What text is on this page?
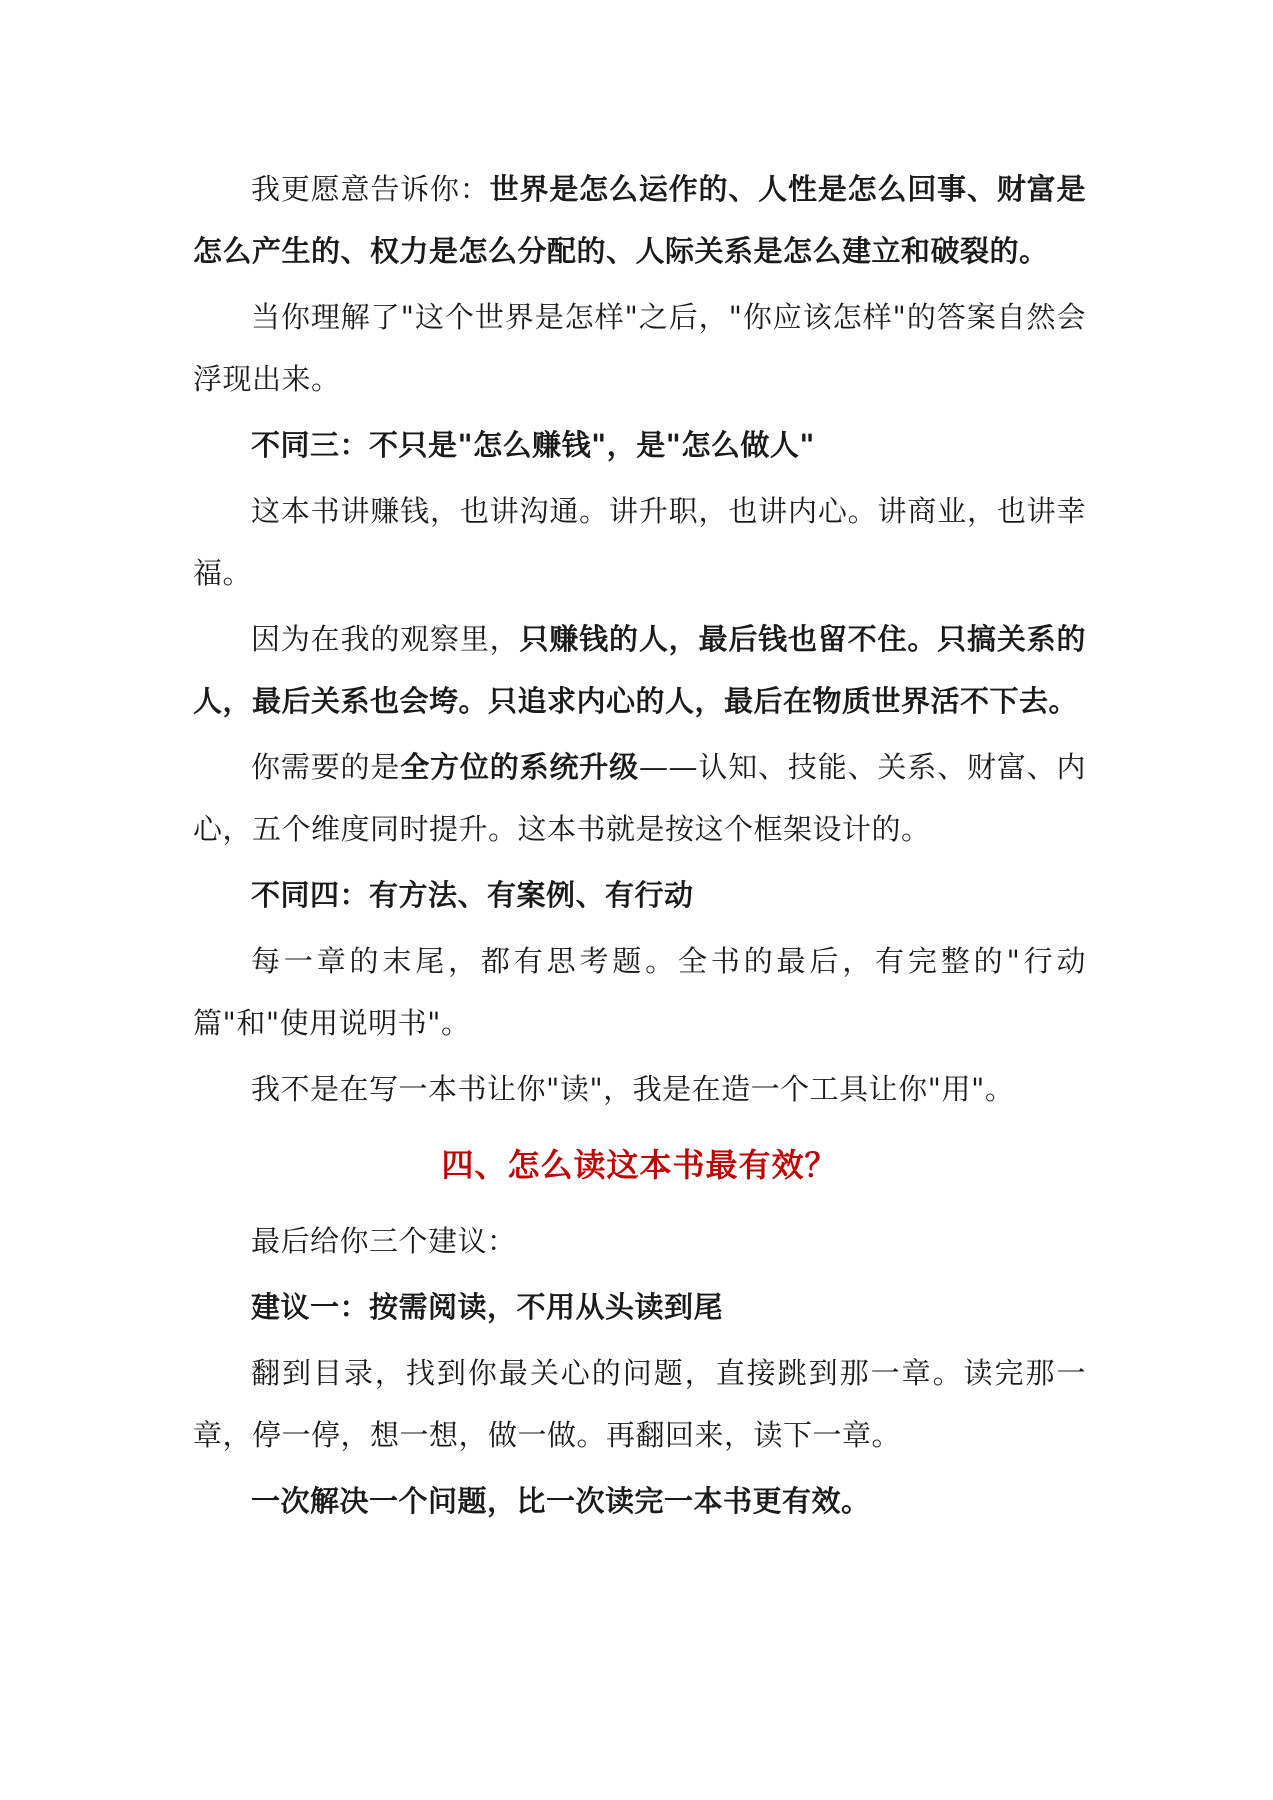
我更愿意告诉你：世界是怎么运作的、人性是怎么回事、财富是怎么产生的、权力是怎么分配的、人际关系是怎么建立和破裂的。

当你理解了"这个世界是怎样"之后，"你应该怎样"的答案自然会浮现出来。

不同三：不只是"怎么赚钱"，是"怎么做人"

这本书讲赚钱，也讲沟通。讲升职，也讲内心。讲商业，也讲幸福。

因为在我的观察里，只赚钱的人，最后钱也留不住。只搞关系的人，最后关系也会垮。只追求内心的人，最后在物质世界活不下去。

你需要的是全方位的系统升级——认知、技能、关系、财富、内心，五个维度同时提升。这本书就是按这个框架设计的。

不同四：有方法、有案例、有行动

每一章的末尾，都有思考题。全书的最后，有完整的"行动篇"和"使用说明书"。

我不是在写一本书让你"读"，我是在造一个工具让你"用"。

四、怎么读这本书最有效？

最后给你三个建议：

建议一：按需阅读，不用从头读到尾

翻到目录，找到你最关心的问题，直接跳到那一章。读完那一章，停一停，想一想，做一做。再翻回来，读下一章。

一次解决一个问题，比一次读完一本书更有效。
